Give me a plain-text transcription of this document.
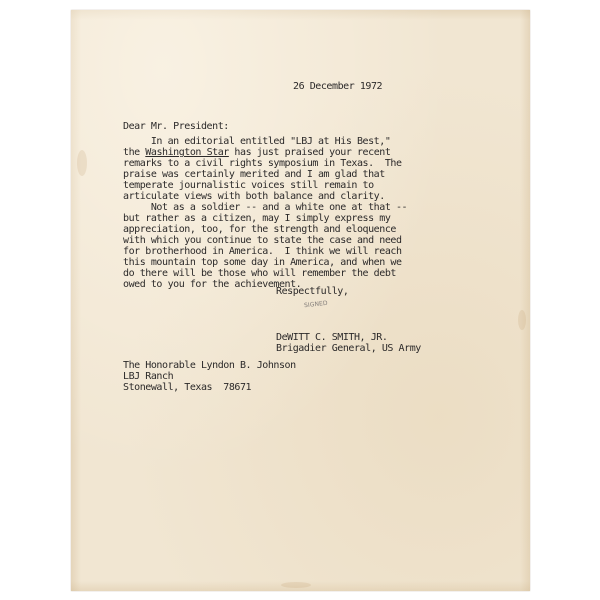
26 December 1972
Dear Mr. President:
In an editorial entitled "LBJ at His Best,"
the Washington Star has just praised your recent
remarks to a civil rights symposium in Texas.  The
praise was certainly merited and I am glad that
temperate journalistic voices still remain to
articulate views with both balance and clarity.
Not as a soldier -- and a white one at that --
but rather as a citizen, may I simply express my
appreciation, too, for the strength and eloquence
with which you continue to state the case and need
for brotherhood in America.  I think we will reach
this mountain top some day in America, and when we
do there will be those who will remember the debt
owed to you for the achievement.
Respectfully,
SIGNED
DeWITT C. SMITH, JR.
Brigadier General, US Army
The Honorable Lyndon B. Johnson
LBJ Ranch
Stonewall, Texas  78671
